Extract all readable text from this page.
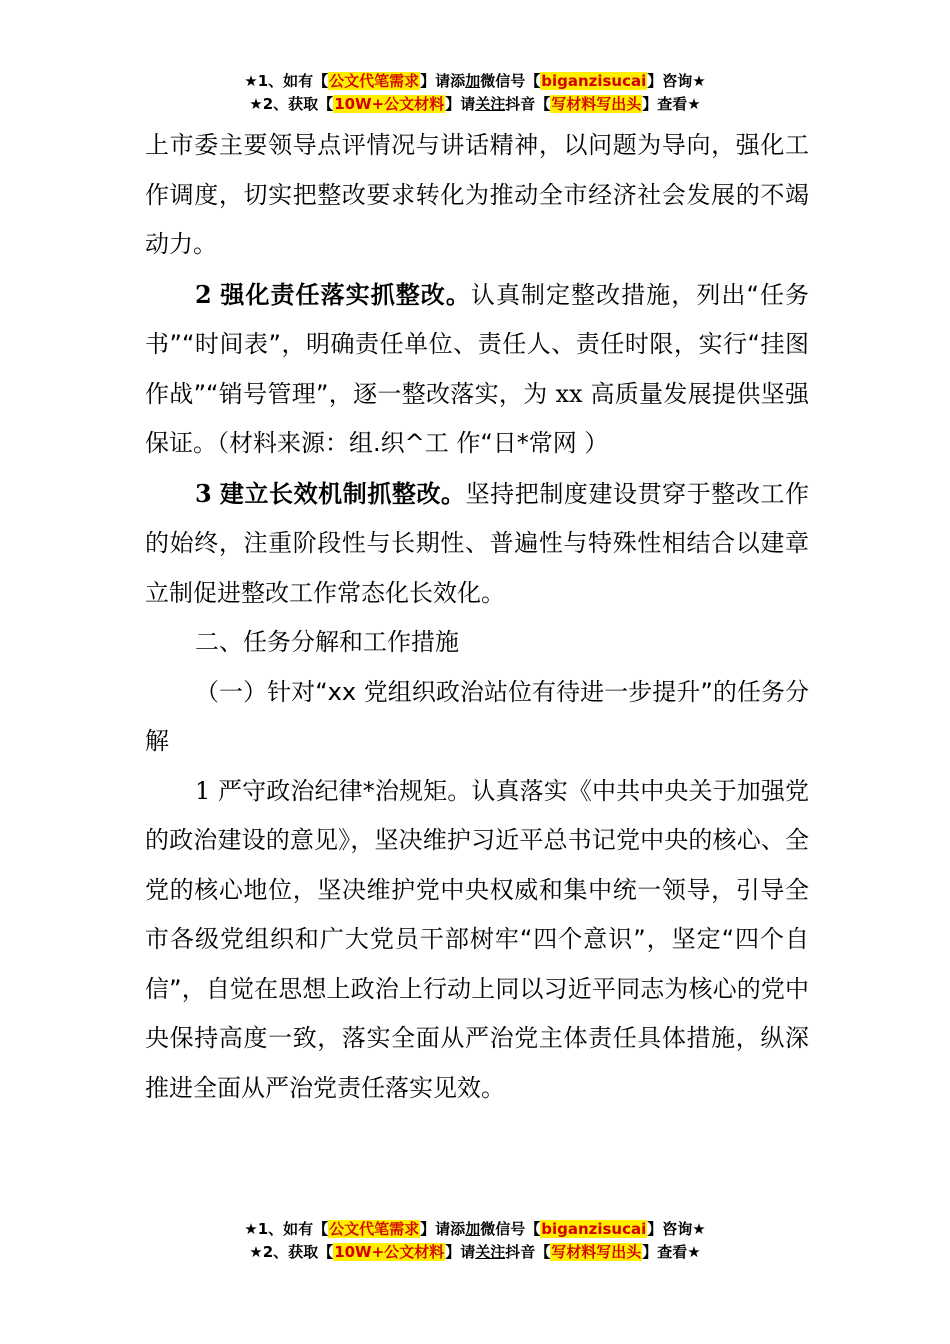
★1、如有【公文代笔需求】请添加微信号【biganzisucai】咨询★
★2、获取【10W+公文材料】请关注抖音【写材料写出头】查看★

上市委主要领导点评情况与讲话精神，以问题为导向，强化工作调度，切实把整改要求转化为推动全市经济社会发展的不竭动力。

2 强化责任落实抓整改。认真制定整改措施，列出“任务书”“时间表”，明确责任单位、责任人、责任时限，实行“挂图作战”“销号管理”，逐一整改落实，为 xx 高质量发展提供坚强保证。（材料来源：组.织^工 作“日*常网 ）

3 建立长效机制抓整改。坚持把制度建设贯穿于整改工作的始终，注重阶段性与长期性、普遍性与特殊性相结合以建章立制促进整改工作常态化长效化。

二、任务分解和工作措施

（一）针对“xx 党组织政治站位有待进一步提升”的任务分解

1 严守政治纪律*治规矩。认真落实《中共中央关于加强党的政治建设的意见》，坚决维护习近平总书记党中央的核心、全党的核心地位，坚决维护党中央权威和集中统一领导，引导全市各级党组织和广大党员干部树牢“四个意识”，坚定“四个自信”，自觉在思想上政治上行动上同以习近平同志为核心的党中央保持高度一致，落实全面从严治党主体责任具体措施，纵深推进全面从严治党责任落实见效。

★1、如有【公文代笔需求】请添加微信号【biganzisucai】咨询★
★2、获取【10W+公文材料】请关注抖音【写材料写出头】查看★
